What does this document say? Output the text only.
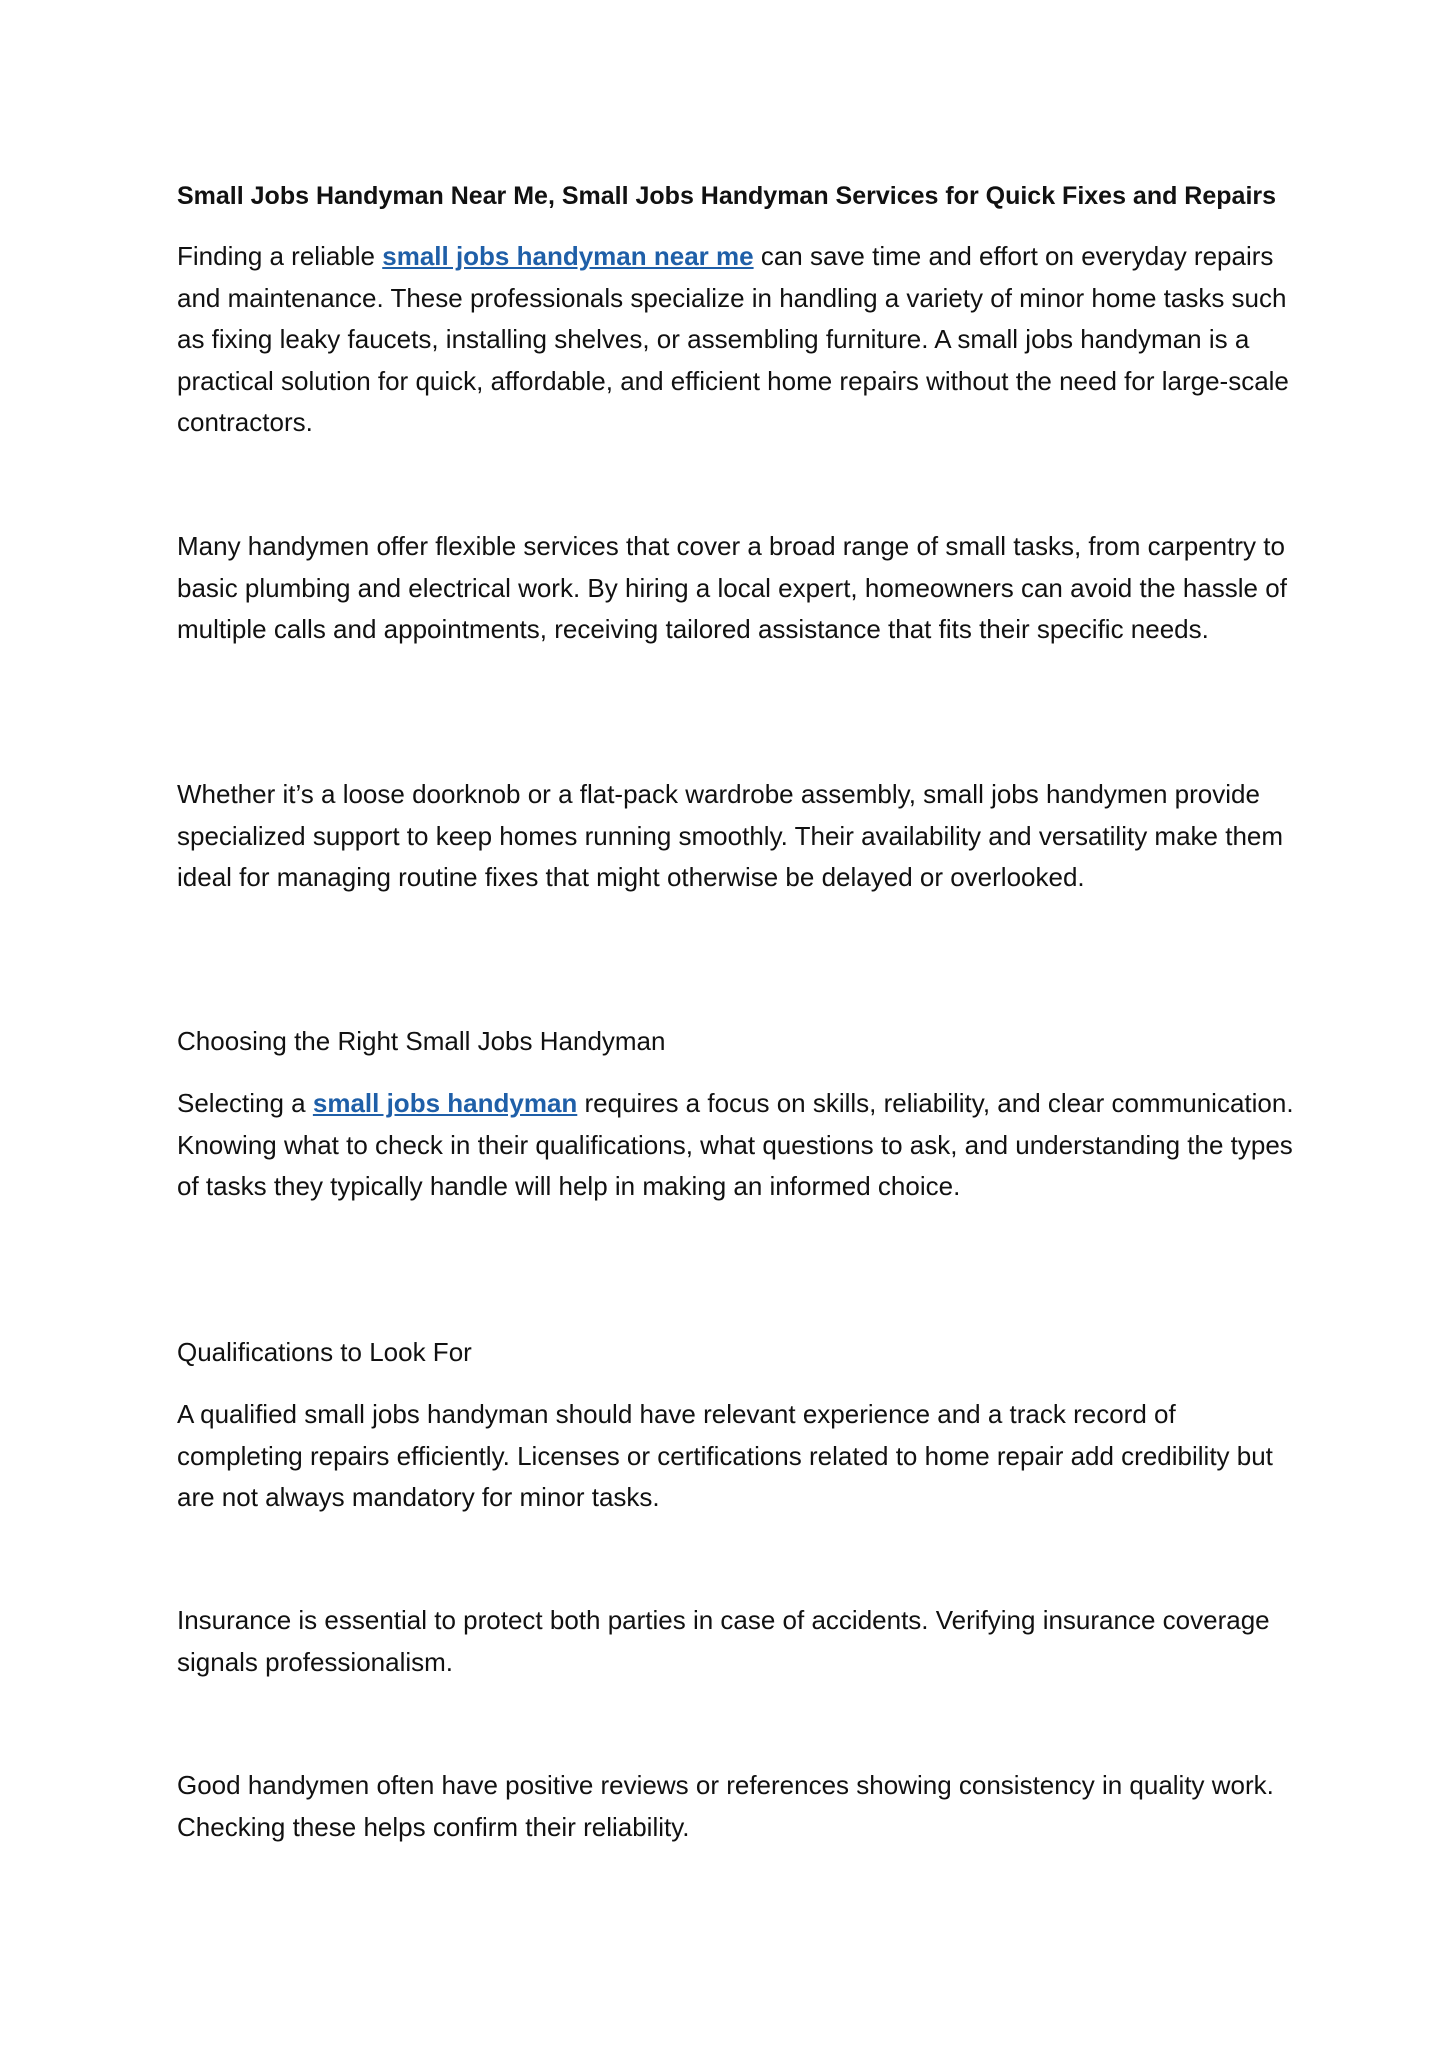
Small Jobs Handyman Near Me, Small Jobs Handyman Services for Quick Fixes and Repairs

Finding a reliable small jobs handyman near me can save time and effort on everyday repairs and maintenance. These professionals specialize in handling a variety of minor home tasks such as fixing leaky faucets, installing shelves, or assembling furniture. A small jobs handyman is a practical solution for quick, affordable, and efficient home repairs without the need for large-scale contractors.

Many handymen offer flexible services that cover a broad range of small tasks, from carpentry to basic plumbing and electrical work. By hiring a local expert, homeowners can avoid the hassle of multiple calls and appointments, receiving tailored assistance that fits their specific needs.

Whether it’s a loose doorknob or a flat-pack wardrobe assembly, small jobs handymen provide specialized support to keep homes running smoothly. Their availability and versatility make them ideal for managing routine fixes that might otherwise be delayed or overlooked.

Choosing the Right Small Jobs Handyman

Selecting a small jobs handyman requires a focus on skills, reliability, and clear communication. Knowing what to check in their qualifications, what questions to ask, and understanding the types of tasks they typically handle will help in making an informed choice.

Qualifications to Look For

A qualified small jobs handyman should have relevant experience and a track record of completing repairs efficiently. Licenses or certifications related to home repair add credibility but are not always mandatory for minor tasks.

Insurance is essential to protect both parties in case of accidents. Verifying insurance coverage signals professionalism.

Good handymen often have positive reviews or references showing consistency in quality work. Checking these helps confirm their reliability.
